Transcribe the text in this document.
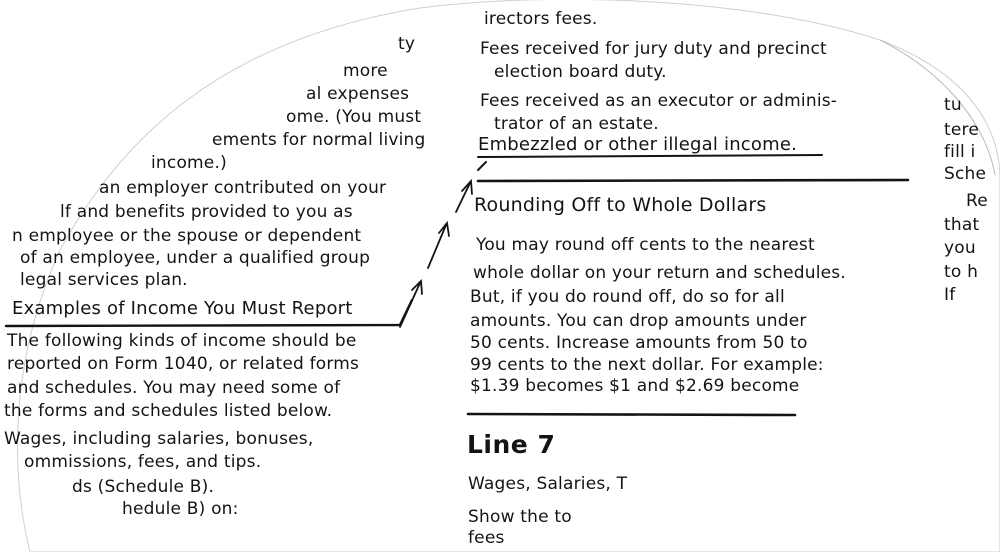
ty
more
al expenses
ome. (You must
ements for normal living
income.)
an employer contributed on your
lf and benefits provided to you as
n employee or the spouse or dependent
of an employee, under a qualified group
legal services plan.
The following kinds of income should be
reported on Form 1040, or related forms
and schedules. You may need some of
the forms and schedules listed below.
Wages, including salaries, bonuses,
ommissions, fees, and tips.
ds (Schedule B).
hedule B) on:
irectors fees.
Fees received for jury duty and precinct
election board duty.
Fees received as an executor or adminis-
trator of an estate.
You may round off cents to the nearest
whole dollar on your return and schedules.
But, if you do round off, do so for all
amounts. You can drop amounts under
50 cents. Increase amounts from 50 to
99 cents to the next dollar. For example:
$1.39 becomes $1 and $2.69 become
Wages, Salaries, T
Show the to
fees
tu
tere
fill i
Sche
Re
that
you
to h
If
Examples of Income You Must Report
Embezzled or other illegal income.
Rounding Off to Whole Dollars
Line 7
